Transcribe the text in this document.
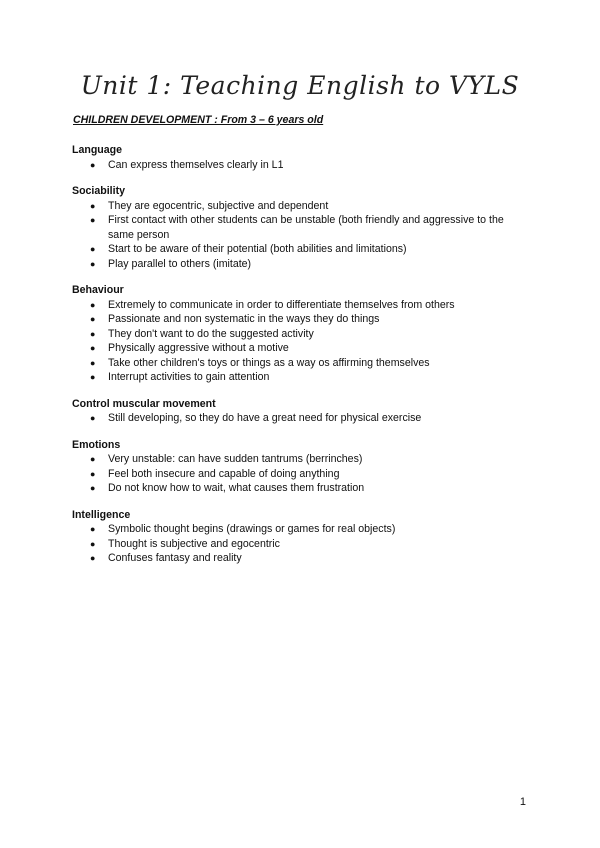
Unit 1: Teaching English to VYLS

CHILDREN DEVELOPMENT : From 3 – 6 years old

Language

● Can express themselves clearly in L1

Sociability

● They are egocentric, subjective and dependent
● First contact with other students can be unstable (both friendly and aggressive to the same person
● Start to be aware of their potential (both abilities and limitations)
● Play parallel to others (imitate)

Behaviour

● Extremely to communicate in order to differentiate themselves from others
● Passionate and non systematic in the ways they do things
● They don't want to do the suggested activity
● Physically aggressive without a motive
● Take other children's toys or things as a way os affirming themselves
● Interrupt activities to gain attention

Control muscular movement

● Still developing, so they do have a great need for physical exercise

Emotions

● Very unstable: can have sudden tantrums (berrinches)
● Feel both insecure and capable of doing anything
● Do not know how to wait, what causes them frustration

Intelligence

● Symbolic thought begins (drawings or games for real objects)
● Thought is subjective and egocentric
● Confuses fantasy and reality
1
